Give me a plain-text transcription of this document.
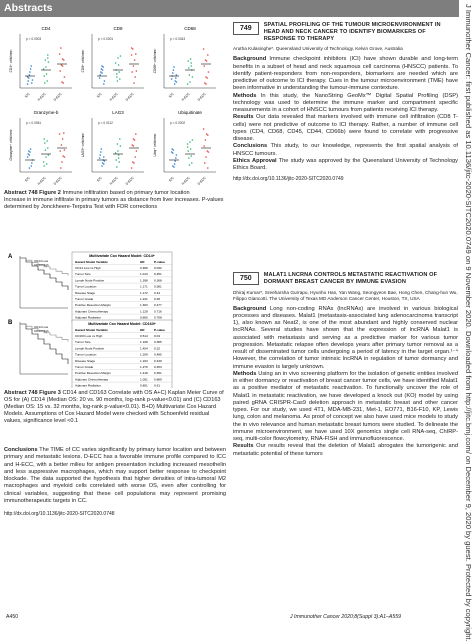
Abstracts	J Immunother Cancer: first published as 10.1136/jitc-2020-SITC2020.0749 on 9 November 2020. Downloaded from http://jitc.bmj.com/ on December 9, 2020 by guest. Protected by copyright.
CD4
CD4+ cells/mm²
p = 0.0003
ICC H-ECC D-ECC
CD8
CD8+ cells/mm²
p < 0.0001
ICC H-ECC D-ECC
CD68
CD68+ cells/mm²
p = 0.0043
ICC H-ECC D-ECC
Granzyme-b
Granzyme+ cells/mm²
p = 0.0061
ICC H-ECC D-ECC
LAG3
LAG3+ cells/mm²
p = 0.0112
ICC H-ECC D-ECC
Ubiquitinate
Ubiq+ cells/mm²
p = 0.0002
ICC H-ECC D-ECC
Abstract 748 Figure 2 Immune infiltration based on primary tumor location
Increase in immune infiltrate in primary tumors as distance from liver increases. P-values determined by Jonckheere-Terpstra Test with FDR corrections
A
B
CD14 Low
CD14 High
CD14 Low
CD14 High
Multivariate Cox Hazard Model: CD14+
Hazard Model Variable	HR	P-value
CD14 Low vs High	0.486 0.032
Tumor Size	1.013 0.451
Lymph Node Positive	1.398 0.368
Tumor Location	1.171 0.581
Disease Stage	1.172 0.44
Tumor Grade	1.241 0.48
Positive Resection Margin	1.303 0.477
Adjuvant Chemotherapy	1.128 0.716
Adjuvant Radiation	0.865 0.708
Multivariate Cox Hazard Model: CD163+
Hazard Model Variable	HR	P-value
CD163 Low vs High	0.514 0.04
Tumor Size	1.108 0.385
Lymph Node Positive	1.454 0.32
Tumor Location	1.209 0.485
Disease Stage	1.163 0.439
Tumor Grade	1.276 0.453
Positive Resection Margin	1.418 0.351
Adjuvant Chemotherapy	1.051 0.889
Adjuvant Radiation	0.801 0.61
Abstract 748 Figure 3 CD14 and CD163 Correlate with OS A+C) Kaplan Meier Curve of OS for (A) CD14 (Median OS: 20 vs. 90 months, log-rank p-value<0.01) and (C) CD163 (Median OS: 15 vs. 32 months, log-rank p-value<0.01). B+D) Multivariate Cox Hazard Models. Assumptions of Cox Hazard Model were checked with Schoenfeld residual values, significance level <0.1

Conclusions The TIME of CC varies significantly by primary tumor location and between primary and metastatic lesions. D-ECC has a favorable immune profile compared to ICC and H-ECC, with a better milieu for antigen presentation including increased mesothelin and less suppressive macrophages, which may support better response to checkpoint blockade. The data supported the hypothesis that higher densities of intra-tumoral M2 macrophages and myeloid cells correlated with worse OS, even after controlling for clinical variables, suggesting that these cell populations may represent promising immunotherapeutic targets in CC.

http://dx.doi.org/10.1136/jitc-2020-SITC2020.0748

749	SPATIAL PROFILING OF THE TUMOUR MICROENVIRONMENT IN HEAD AND NECK CANCER TO IDENTIFY BIOMARKERS OF RESPONSE TO THERAPY
Arutha Kulasinghe*. Queensland University of Technology, Kelvin Grove, Australia

Background Immune checkpoint inhibitors (ICI) have shown durable and long-term benefits in a subset of head and neck squamous cell carcinoma (HNSCC) patients. To identify patient-responders from non-responders, biomarkers are needed which are predictive of outcome to ICI therapy. Cues in the tumour microenvironment (TME) have been informative in understanding the tumour-immune contexture.

Methods In this study, the NanoString GeoMx™ Digital Spatial Profiling (DSP) technology was used to determine the immune marker and compartment specific measurements in a cohort of HNSCC tumours from patients receiving ICI therapy.

Results Our data revealed that markers involved with immune cell infiltration (CD8 T-cells) were not predictive of outcome to ICI therapy. Rather, a number of immune cell types (CD4, CD68, CD45, CD44, CD66b) were found to correlate with progressive disease.

Conclusions This study, to our knowledge, represents the first spatial analysis of HNSCC tumours.

Ethics Approval The study was approved by the Queensland University of Technology Ethics Board.

http://dx.doi.org/10.1136/jitc-2020-SITC2020.0749

750	MALAT1 LNCRNA CONTROLS METASTATIC REACTIVATION OF DORMANT BREAST CANCER BY IMMUNE EVASION
Dhiraj Kumar*, Sreeharsha Gurrapu, Hyunho Han, Yan Wang, Seongyeon Bae, Hong Chen, Chang-hun Wu, Filippo Giancotti. The University of Texas MD Anderson Cancer Center, Houston, TX, USA

Background Long non-coding RNAs (lncRNAs) are involved in various biological processes and diseases. Malat1 (metastasis-associated lung adenocarcinoma transcript 1), also known as Neat2, is one of the most abundant and highly conserved nuclear lncRNAs. Several studies have shown that the expression of lncRNA Malat1 is associated with metastasis and serving as a predictive marker for various tumor progression. Metastatic relapse often develops years after primary tumor removal as a result of disseminated tumor cells undergoing a period of latency in the target organ.¹⁻⁴ However, the correlation of tumor intrinsic lncRNA in regulation of tumor dormancy and immune evasion is largely unknown.

Methods Using an in vivo screening platform for the isolation of genetic entities involved in either dormancy or reactivation of breast cancer tumor cells, we have identified Malat1 as a positive mediator of metastatic reactivation. To functionally uncover the role of Malat1 in metastatic reactivation, we have developed a knock out (KO) model by using paired gRNA CRISPR-Cas9 deletion approach in metastatic breast and other cancer types. For our study, we used 4T1, MDA-MB-231, Met-1, EO771, B16-F10, KP, Lewis lung, colon and melanoma. As proof of concept we also have used mice models to study the in vivo relevance and human metastatic breast tumors were studied. To delineate the immune microenvironment, we have used 10X genomics single cell RNA-seq, ChIRP-seq, multi-color flowcytometry, RNA-FISH and immunofluorescence.

Results Our results reveal that the deletion of Malat1 abrogates the tumorigenic and metastatic potential of these tumors

A450	J Immunother Cancer 2020;8(Suppl 3):A1–A559
